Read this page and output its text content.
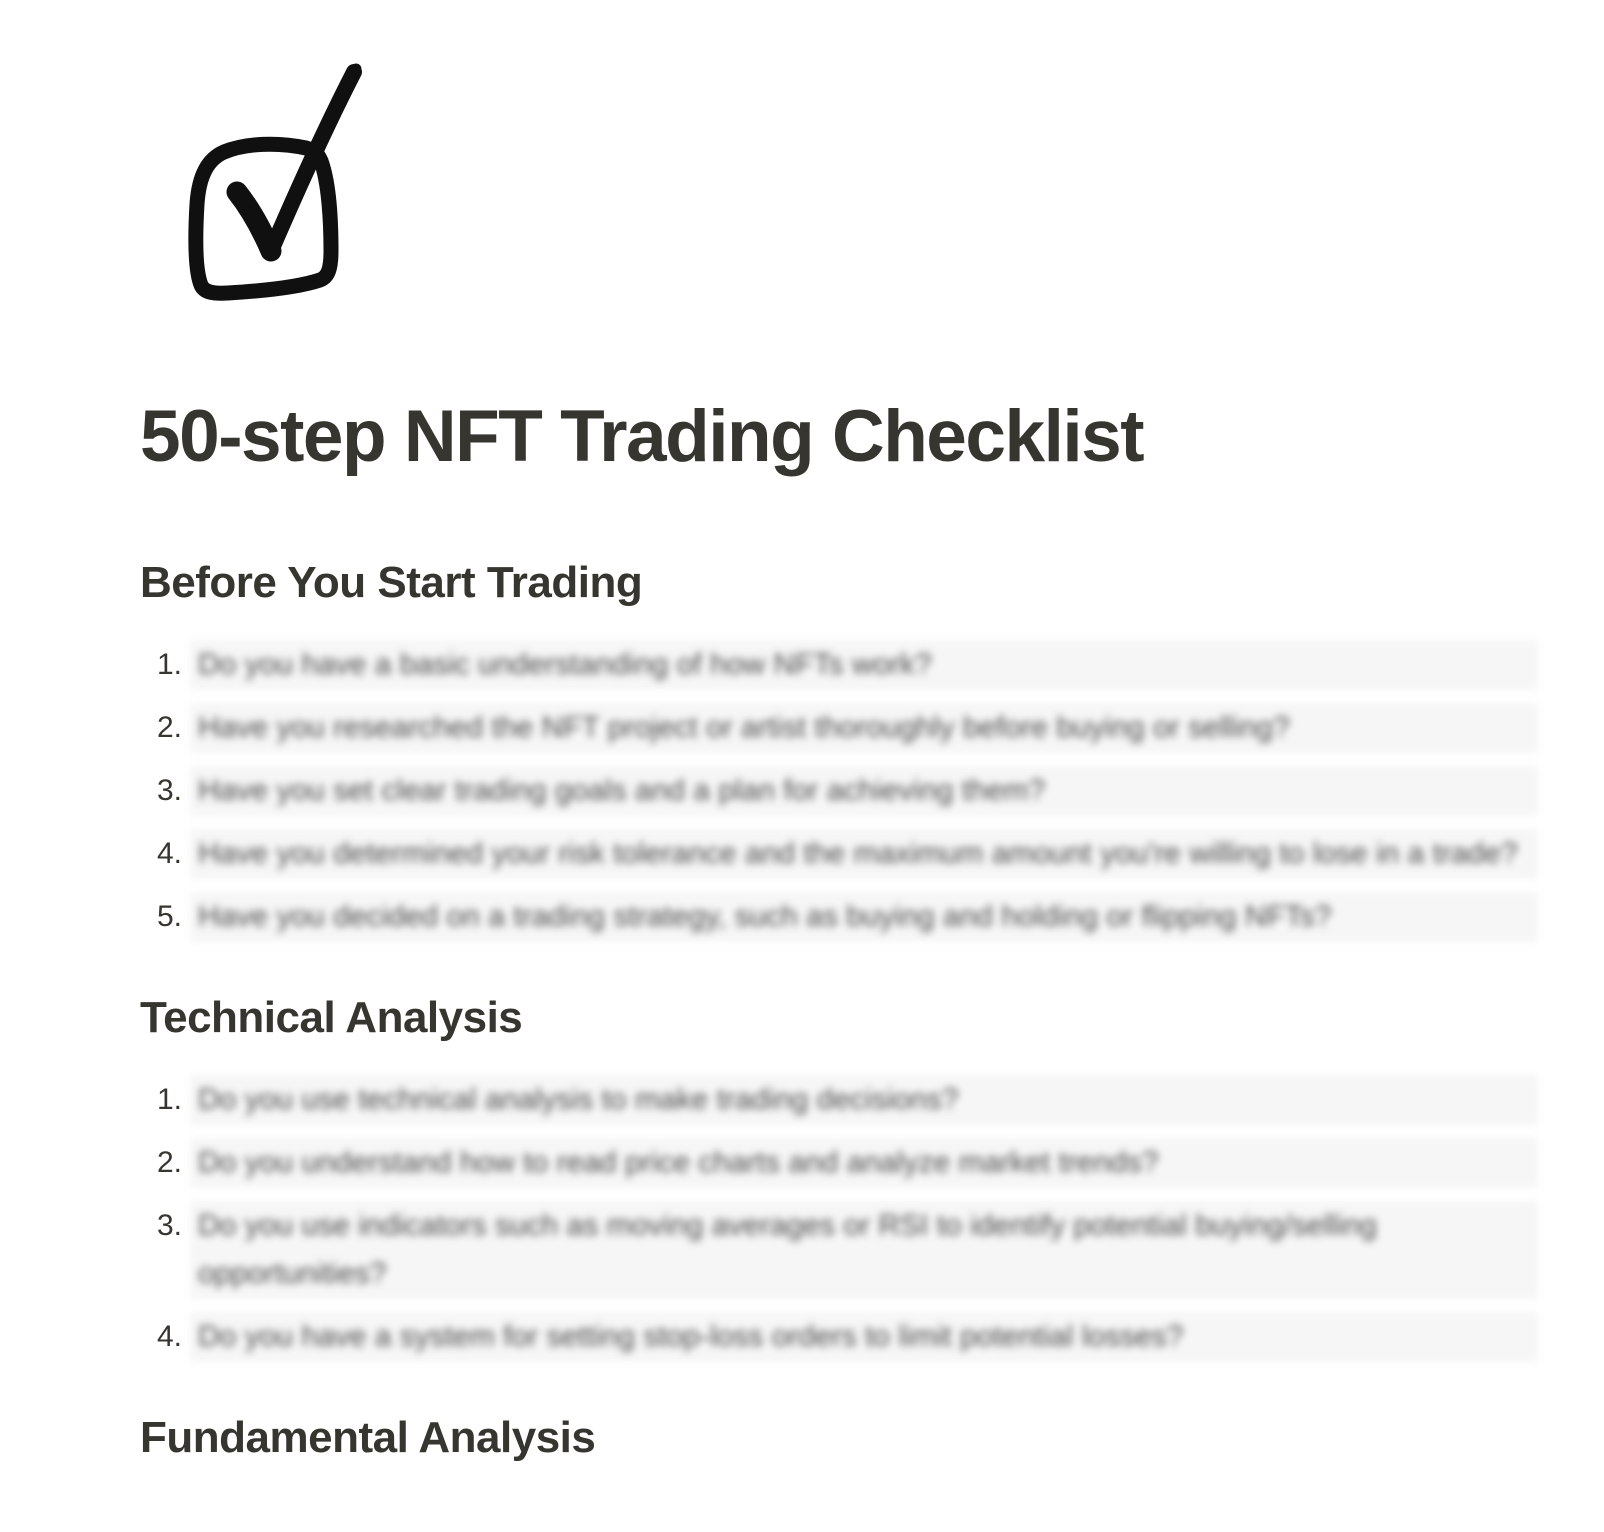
50-step NFT Trading Checklist
Before You Start Trading
1. Do you have a basic understanding of how NFTs work?
2. Have you researched the NFT project or artist thoroughly before buying or selling?
3. Have you set clear trading goals and a plan for achieving them?
4. Have you determined your risk tolerance and the maximum amount you're willing to lose in a trade?
5. Have you decided on a trading strategy, such as buying and holding or flipping NFTs?
Technical Analysis
1. Do you use technical analysis to make trading decisions?
2. Do you understand how to read price charts and analyze market trends?
3. Do you use indicators such as moving averages or RSI to identify potential buying/selling opportunities?
4. Do you have a system for setting stop-loss orders to limit potential losses?
Fundamental Analysis
